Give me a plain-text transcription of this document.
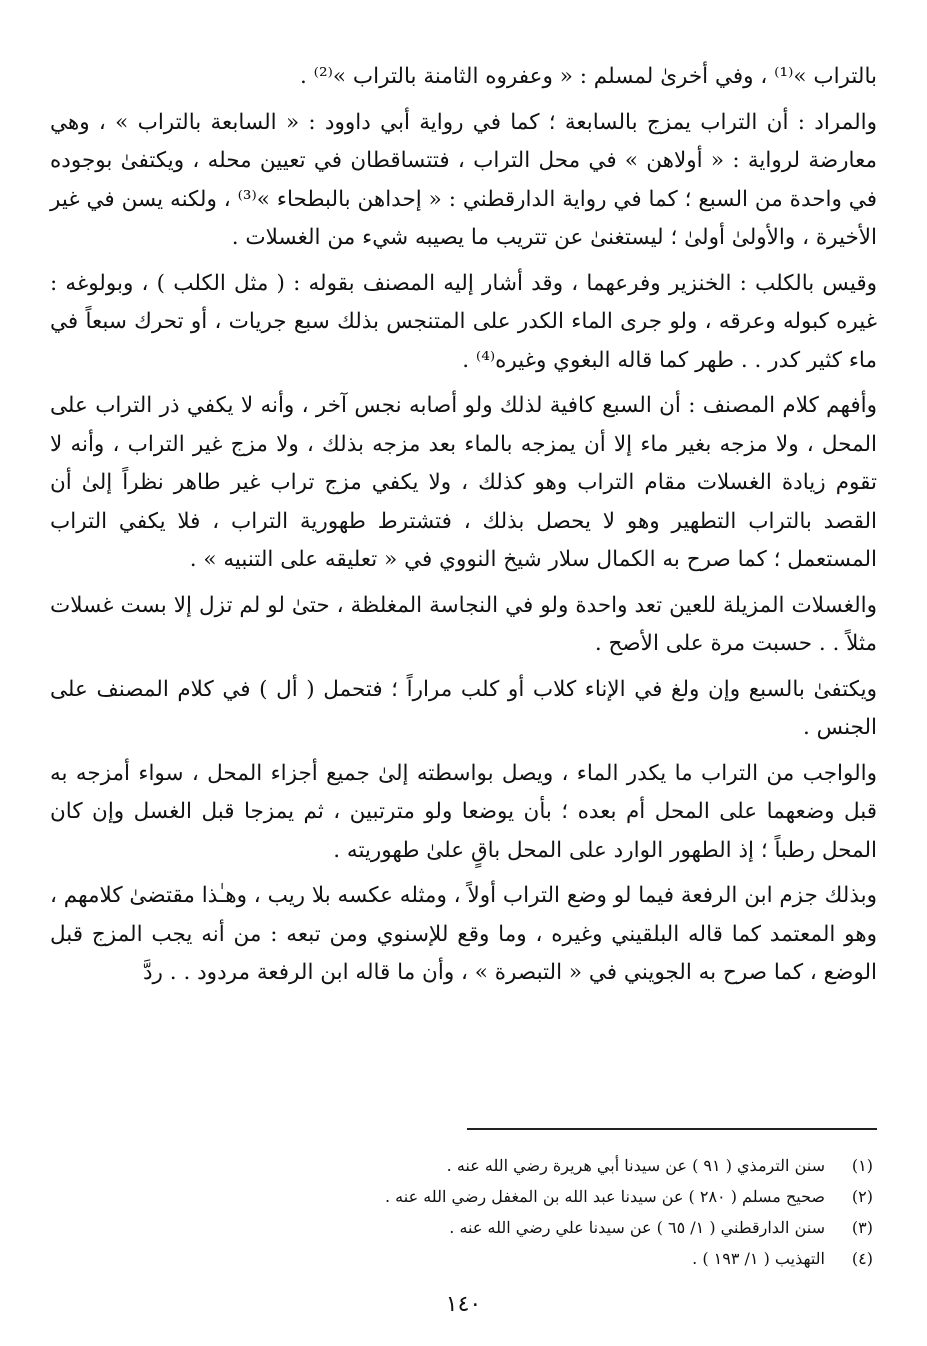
بالتراب »⁽¹⁾ ، وفي أخرىٰ لمسلم : « وعفروه الثامنة بالتراب »⁽²⁾ .

والمراد : أن التراب يمزج بالسابعة ؛ كما في رواية أبي داوود : « السابعة بالتراب » ، وهي معارضة لرواية : « أولاهن » في محل التراب ، فتتساقطان في تعيين محله ، ويكتفىٰ بوجوده في واحدة من السبع ؛ كما في رواية الدارقطني : « إحداهن بالبطحاء »⁽³⁾ ، ولكنه يسن في غير الأخيرة ، والأولىٰ أولىٰ ؛ ليستغنىٰ عن تتريب ما يصيبه شيء من الغسلات .

وقيس بالكلب : الخنزير وفرعهما ، وقد أشار إليه المصنف بقوله : ( مثل الكلب ) ، وبولوغه : غيره كبوله وعرقه ، ولو جرى الماء الكدر على المتنجس بذلك سبع جريات ، أو تحرك سبعاً في ماء كثير كدر . . طهر كما قاله البغوي وغيره⁽⁴⁾ .

وأفهم كلام المصنف : أن السبع كافية لذلك ولو أصابه نجس آخر ، وأنه لا يكفي ذر التراب على المحل ، ولا مزجه بغير ماء إلا أن يمزجه بالماء بعد مزجه بذلك ، ولا مزج غير التراب ، وأنه لا تقوم زيادة الغسلات مقام التراب وهو كذلك ، ولا يكفي مزج تراب غير طاهر نظراً إلىٰ أن القصد بالتراب التطهير وهو لا يحصل بذلك ، فتشترط طهورية التراب ، فلا يكفي التراب المستعمل ؛ كما صرح به الكمال سلار شيخ النووي في « تعليقه على التنبيه » .

والغسلات المزيلة للعين تعد واحدة ولو في النجاسة المغلظة ، حتىٰ لو لم تزل إلا بست غسلات مثلاً . . حسبت مرة على الأصح .

ويكتفىٰ بالسبع وإن ولغ في الإناء كلاب أو كلب مراراً ؛ فتحمل ( أل ) في كلام المصنف على الجنس .

والواجب من التراب ما يكدر الماء ، ويصل بواسطته إلىٰ جميع أجزاء المحل ، سواء أمزجه به قبل وضعهما على المحل أم بعده ؛ بأن يوضعا ولو مترتبين ، ثم يمزجا قبل الغسل وإن كان المحل رطباً ؛ إذ الطهور الوارد على المحل باقٍ علىٰ طهوريته .

وبذلك جزم ابن الرفعة فيما لو وضع التراب أولاً ، ومثله عكسه بلا ريب ، وهـٰذا مقتضىٰ كلامهم ، وهو المعتمد كما قاله البلقيني وغيره ، وما وقع للإسنوي ومن تبعه : من أنه يجب المزج قبل الوضع ، كما صرح به الجويني في « التبصرة » ، وأن ما قاله ابن الرفعة مردود . . ردَّ

(١)
سنن الترمذي ( ٩١ ) عن سيدنا أبي هريرة رضي الله عنه .
(٢)
صحيح مسلم ( ٢٨٠ ) عن سيدنا عبد الله بن المغفل رضي الله عنه .
(٣)
سنن الدارقطني ( ١/ ٦٥ ) عن سيدنا علي رضي الله عنه .
(٤)
التهذيب ( ١/ ١٩٣ ) .
١٤٠
